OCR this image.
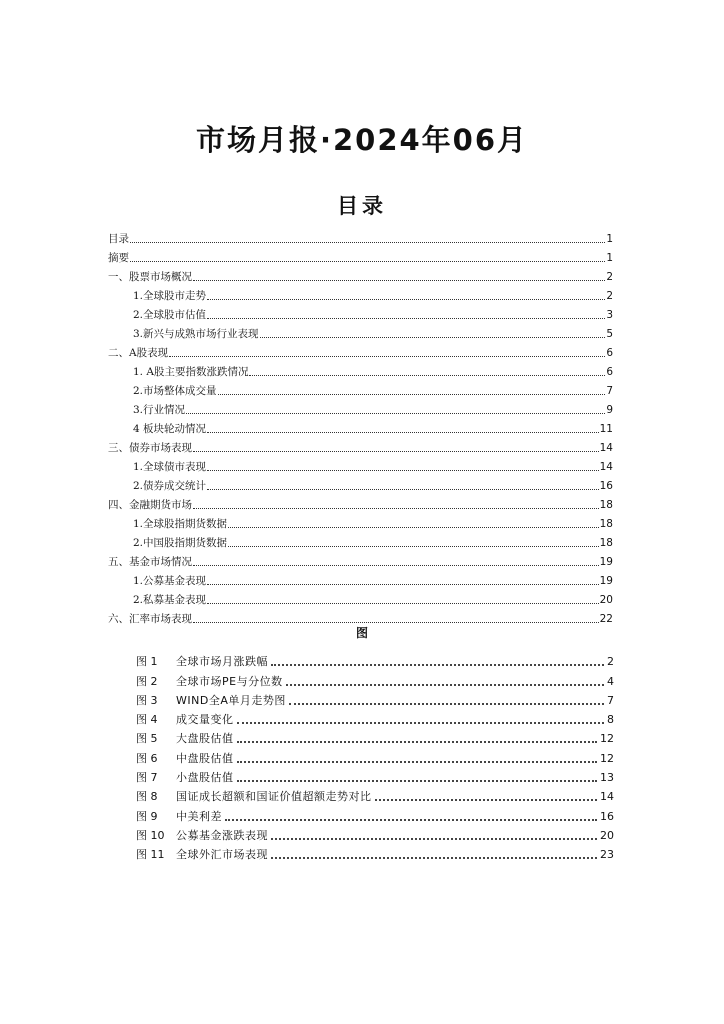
市场月报·2024年06月
目录
目录	1
摘要	1
一、股票市场概况	2
1.全球股市走势	2
2.全球股市估值	3
3.新兴与成熟市场行业表现	5
二、A股表现	6
1. A股主要指数涨跌情况	6
2.市场整体成交量	7
3.行业情况	9
4 板块轮动情况	11
三、债券市场表现	14
1.全球债市表现	14
2.债券成交统计	16
四、金融期货市场	18
1.全球股指期货数据	18
2.中国股指期货数据	18
五、基金市场情况	19
1.公募基金表现	19
2.私募基金表现	20
六、汇率市场表现	22
图
图 1	全球市场月涨跌幅	2
图 2	全球市场PE与分位数	4
图 3	WIND全A单月走势图	7
图 4	成交量变化	8
图 5	大盘股估值	12
图 6	中盘股估值	12
图 7	小盘股估值	13
图 8	国证成长超额和国证价值超额走势对比	14
图 9	中美利差	16
图 10	公募基金涨跌表现	20
图 11	全球外汇市场表现	23
